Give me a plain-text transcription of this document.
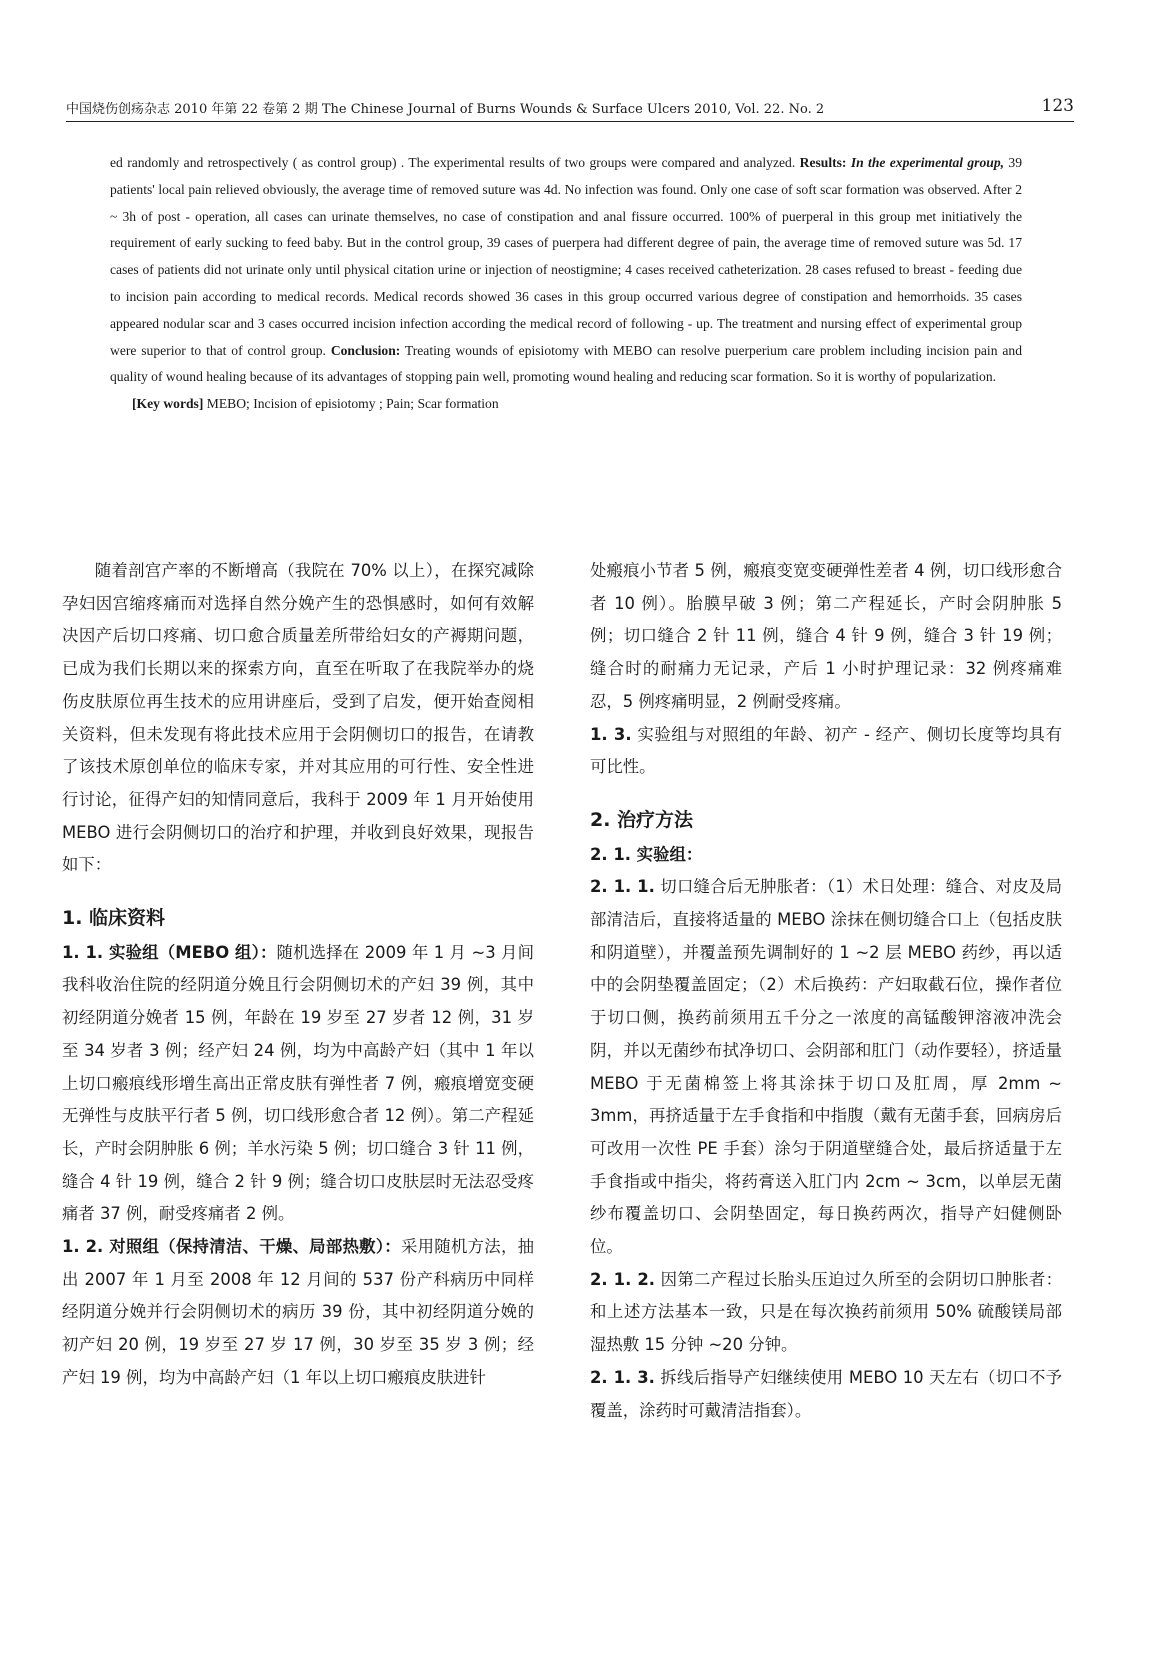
中国烧伤创疡杂志 2010 年第 22 卷第 2 期 The Chinese Journal of Burns Wounds & Surface Ulcers 2010, Vol. 22. No. 2	123

ed randomly and retrospectively ( as control group) . The experimental results of two groups were compared and analyzed. Results: In the experimental group, 39 patients' local pain relieved obviously, the average time of removed suture was 4d. No infection was found. Only one case of soft scar formation was observed. After 2 ~ 3h of post - operation, all cases can urinate themselves, no case of constipation and anal fissure occurred. 100% of puerperal in this group met initiatively the requirement of early sucking to feed baby. But in the control group, 39 cases of puerpera had different degree of pain, the average time of removed suture was 5d. 17 cases of patients did not urinate only until physical citation urine or injection of neostigmine; 4 cases received catheterization. 28 cases refused to breast - feeding due to incision pain according to medical records. Medical records showed 36 cases in this group occurred various degree of constipation and hemorrhoids. 35 cases appeared nodular scar and 3 cases occurred incision infection according the medical record of following - up. The treatment and nursing effect of experimental group were superior to that of control group. Conclusion: Treating wounds of episiotomy with MEBO can resolve puerperium care problem including incision pain and quality of wound healing because of its advantages of stopping pain well, promoting wound healing and reducing scar formation. So it is worthy of popularization.

[Key words] MEBO; Incision of episiotomy ; Pain; Scar formation

随着剖宫产率的不断增高（我院在 70% 以上），在探究减除孕妇因宫缩疼痛而对选择自然分娩产生的恐惧感时，如何有效解决因产后切口疼痛、切口愈合质量差所带给妇女的产褥期问题，已成为我们长期以来的探索方向，直至在听取了在我院举办的烧伤皮肤原位再生技术的应用讲座后，受到了启发，便开始查阅相关资料，但未发现有将此技术应用于会阴侧切口的报告，在请教了该技术原创单位的临床专家，并对其应用的可行性、安全性进行讨论，征得产妇的知情同意后，我科于 2009 年 1 月开始使用 MEBO 进行会阴侧切口的治疗和护理，并收到良好效果，现报告如下：

1. 临床资料

1. 1. 实验组（MEBO 组）：随机选择在 2009 年 1 月 ~3 月间我科收治住院的经阴道分娩且行会阴侧切术的产妇 39 例，其中初经阴道分娩者 15 例，年龄在 19 岁至 27 岁者 12 例，31 岁至 34 岁者 3 例；经产妇 24 例，均为中高龄产妇（其中 1 年以上切口瘢痕线形增生高出正常皮肤有弹性者 7 例，瘢痕增宽变硬无弹性与皮肤平行者 5 例，切口线形愈合者 12 例）。第二产程延长，产时会阴肿胀 6 例；羊水污染 5 例；切口缝合 3 针 11 例，缝合 4 针 19 例，缝合 2 针 9 例；缝合切口皮肤层时无法忍受疼痛者 37 例，耐受疼痛者 2 例。

1. 2. 对照组（保持清洁、干燥、局部热敷）：采用随机方法，抽出 2007 年 1 月至 2008 年 12 月间的 537 份产科病历中同样经阴道分娩并行会阴侧切术的病历 39 份，其中初经阴道分娩的初产妇 20 例，19 岁至 27 岁 17 例，30 岁至 35 岁 3 例；经产妇 19 例，均为中高龄产妇（1 年以上切口瘢痕皮肤进针

处瘢痕小节者 5 例，瘢痕变宽变硬弹性差者 4 例，切口线形愈合者 10 例）。胎膜早破 3 例；第二产程延长，产时会阴肿胀 5 例；切口缝合 2 针 11 例，缝合 4 针 9 例，缝合 3 针 19 例；缝合时的耐痛力无记录，产后 1 小时护理记录：32 例疼痛难忍，5 例疼痛明显，2 例耐受疼痛。

1. 3. 实验组与对照组的年龄、初产 - 经产、侧切长度等均具有可比性。

2. 治疗方法

2. 1. 实验组：

2. 1. 1. 切口缝合后无肿胀者：（1）术日处理：缝合、对皮及局部清洁后，直接将适量的 MEBO 涂抹在侧切缝合口上（包括皮肤和阴道壁），并覆盖预先调制好的 1 ~2 层 MEBO 药纱，再以适中的会阴垫覆盖固定；（2）术后换药：产妇取截石位，操作者位于切口侧，换药前须用五千分之一浓度的高锰酸钾溶液冲洗会阴，并以无菌纱布拭净切口、会阴部和肛门（动作要轻），挤适量 MEBO 于无菌棉签上将其涂抹于切口及肛周，厚 2mm ~ 3mm，再挤适量于左手食指和中指腹（戴有无菌手套，回病房后可改用一次性 PE 手套）涂匀于阴道壁缝合处，最后挤适量于左手食指或中指尖，将药膏送入肛门内 2cm ~ 3cm，以单层无菌纱布覆盖切口、会阴垫固定，每日换药两次，指导产妇健侧卧位。

2. 1. 2. 因第二产程过长胎头压迫过久所至的会阴切口肿胀者：和上述方法基本一致，只是在每次换药前须用 50% 硫酸镁局部湿热敷 15 分钟 ~20 分钟。

2. 1. 3. 拆线后指导产妇继续使用 MEBO 10 天左右（切口不予覆盖，涂药时可戴清洁指套）。
